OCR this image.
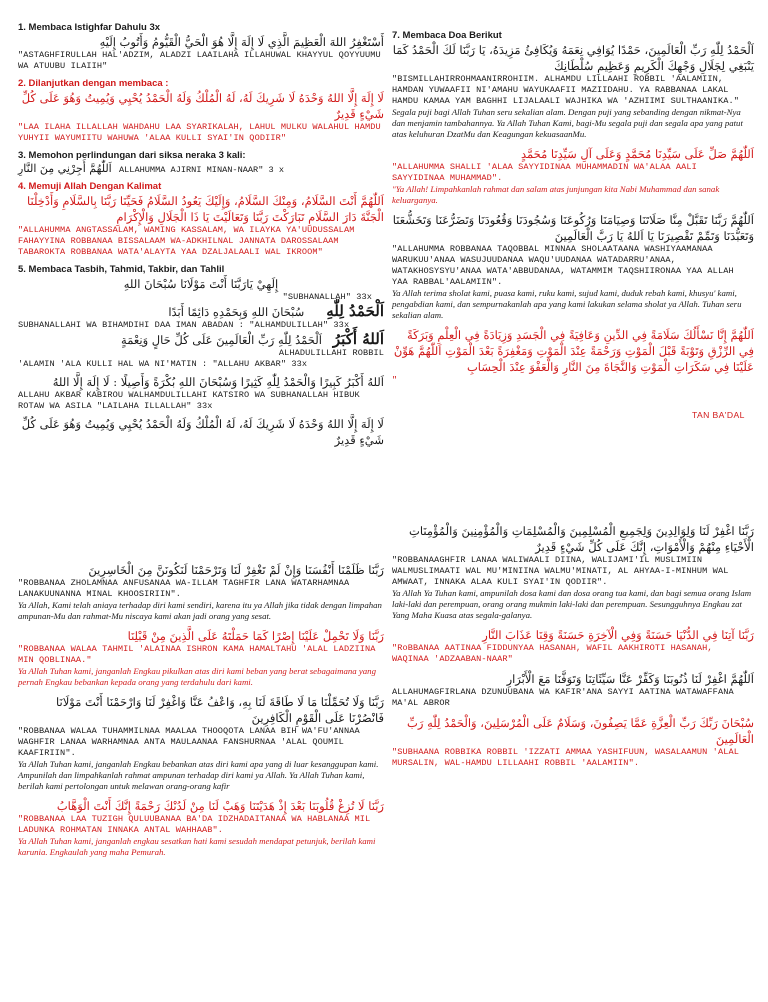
1. Membaca Istighfar Dahulu 3x
أَسْتَغْفِرُ اللهَ الْعَظِيمَ الَّذِي لَا إِلَهَ إِلَّا هُوَ الْحَيُّ الْقَيُّومُ وَأَتُوبُ إِلَيْهِ
"ASTAGHFIRULLAH HAL'ADZIM, ALADZI LAAILAHA ILLAHUWAL KHAYYUL QOYYUUMU WA ATUUBU ILAIIH"
2. Dilanjutkan dengan membaca :
لَا إِلَهَ إِلَّا اللهُ وَحْدَهُ لَا شَرِيكَ لَهُ، لَهُ الْمُلْكُ وَلَهُ الْحَمْدُ يُحْيِي وَيُمِيتُ وَهُوَ عَلَى كُلِّ شَيْءٍ قَدِيرٌ
"LAA ILAHA ILLALLAH WAHDAHU LAA SYARIKALAH, LAHUL MULKU WALAHUL HAMDU YUHYII WAYUMIITU WAHUWA 'ALAA KULLI SYAI'IN QODIIR"
3. Memohon perlindungan dari siksa neraka 3 kali:
اَللّٰهُمَّ أَجِرْنِي مِنَ النَّارِ ALLAHUMMA AJIRNI MINAN-NAAR" 3 x
4. Memuji Allah Dengan Kalimat
اَللّٰهُمَّ أَنْتَ السَّلَامُ، وَمِنْكَ السَّلَامُ، وَإِلَيْكَ يَعُودُ السَّلَامُ فَحَيِّنَا رَبَّنَا بِالسَّلَامِ وَأَدْخِلْنَا الْجَنَّةَ دَارَ السَّلَامِ تَبَارَكْتَ رَبَّنَا وَتَعَالَيْتَ يَا ذَا الْجَلَالِ وَالْإِكْرَامِ
"ALLAHUMMA ANGTASSALAM, WAMING KASSALAM, WA ILAYKA YA'UUDUSSALAM FAHAYYINA ROBBANAA BISSALAAM WA-ADKHILNAL JANNATA DAROSSALAAM TABAROKTA ROBBANAA WATA'ALAYTA YAA DZALJALAALI WAL IKROOM"
5. Membaca Tasbih, Tahmid, Takbir, dan Tahlil
إِلَهِيْ يَارَبَّنَا أَنْتَ مَوْلَانَا سُبْحَانَ اللهِ
"SUBHANALLAH" 33x
اَلْحَمْدُ لِلّٰهِ      سُبْحَانَ اللهِ وَبِحَمْدِهِ دَائِمًا أَبَدًا
SUBHANALLAHI WA BIHAMDIHI DAA IMAN ABADAN : "ALHAMDULILLAH" 33x
اَللهُ أَكْبَرُ   اَلْحَمْدُ لِلّٰهِ رَبِّ الْعَالَمِينَ عَلَى كُلِّ حَالٍ وَنِعْمَةٍ
ALHADULILLAHI ROBBIL
'ALAMIN 'ALA KULLI HAL WA NI'MATIN : "ALLAHU AKBAR" 33x
اَللهُ أَكْبَرُ كَبِيرًا وَالْحَمْدُ لِلّٰهِ كَثِيرًا وَسُبْحَانَ اللهِ بُكْرَةً وَأَصِيلًا : لَا إِلَهَ إِلَّا اللهُ
ALLAHU AKBAR KABIROU WALHAMDULILLAHI KATSIRO WA SUBHANALLAH HIBUK ROTAW WA ASILA "LAILAHA ILLALLAH" 33x
لَا إِلَهَ إِلَّا اللهُ وَحْدَهُ لَا شَرِيكَ لَهُ، لَهُ الْمُلْكُ وَلَهُ الْحَمْدُ يُحْيِي وَيُمِيتُ وَهُوَ عَلَى كُلِّ شَيْءٍ قَدِيرٌ
7. Membaca Doa Berikut
اَلْحَمْدُ لِلّٰهِ رَبِّ الْعَالَمِينَ، حَمْدًا يُوَافِي نِعَمَهُ وَيُكَافِئُ مَزِيدَهُ، يَا رَبَّنَا لَكَ الْحَمْدُ كَمَا يَنْبَغِي لِجَلَالِ وَجْهِكَ الْكَرِيمِ وَعَظِيمِ سُلْطَانِكَ
"BISMILLAHIRROHMAANIRROHIIM. ALHAMDU LILLAAHI ROBBIL 'AALAMIIN, HAMDAN YUWAAFII NI'AMAHU WAYUKAAFII MAZIIDAHU. YA RABBANAA LAKAL HAMDU KAMAA YAM BAGHHI LIJALAALI WAJHIKA WA 'AZHIIMI SULTHAANIKA."
Segala puji bagi Allah Tuhan seru sekalian alam. Dengan puji yang sebanding dengan nikmat-Nya dan menjamin tambahannya. Ya Allah Tuhan Kami, bagi-Mu segala puji dan segala apa yang patut atas keluhuran DzatMu dan Keagungan kekuasaanMu.
اَللّٰهُمَّ صَلِّ عَلَى سَيِّدِنَا مُحَمَّدٍ وَعَلَى آلِ سَيِّدِنَا مُحَمَّدٍ
"ALLAHUMMA SHALLI 'ALAA SAYYIDINAA MUHAMMADIN WA'ALAA AALI SAYYIDINAA MUHAMMAD".
"Ya Allah! Limpahkanlah rahmat dan salam atas junjungan kita Nabi Muhammad dan sanak keluarganya.
اَللّٰهُمَّ رَبَّنَا تَقَبَّلْ مِنَّا صَلَاتَنَا وَصِيَامَنَا وَرُكُوعَنَا وَسُجُودَنَا وَقُعُودَنَا وَتَضَرُّعَنَا وَتَخَشُّعَنَا وَتَعَبُّدَنَا وَتَمِّمْ تَقْصِيرَنَا يَا اَللهُ يَا رَبَّ الْعَالَمِينَ
"ALLAHUMMA ROBBANAA TAQOBBAL MINNAA SHOLAATAANA WASHIYAAMANAA WARUKUU'ANAA WASUJUUDANAA WAQU'UUDANAA WATADARRU'ANAA, WATAKHOSYSYU'ANAA WATA'ABBUDANAA, WATAMMIM TAQSHIIRONAA YAA ALLAH YAA RABBAL'AALAMIIN".
Ya Allah terima sholat kami, puasa kami, ruku kami, sujud kami, duduk rebah kami, khusyu' kami, pengabdian kami, dan sempurnakanlah apa yang kami lakukan selama sholat ya Allah. Tuhan seru sekalian alam.
اَللّٰهُمَّ إِنَّا نَسْأَلُكَ سَلَامَةً فِي الدِّينِ وَعَافِيَةً فِي الْجَسَدِ وَزِيَادَةً فِي الْعِلْمِ وَبَرَكَةً فِي الرِّزْقِ وَتَوْبَةً قَبْلَ الْمَوْتِ وَرَحْمَةً عِنْدَ الْمَوْتِ وَمَغْفِرَةً بَعْدَ الْمَوْتِ اَللّٰهُمَّ هَوِّنْ عَلَيْنَا فِي سَكَرَاتِ الْمَوْتِ وَالنَّجَاةَ مِنَ النَّارِ وَالْعَفْوَ عِنْدَ الْحِسَابِ
"
TAN BA'DAL
رَبَّنَا ظَلَمْنَا أَنْفُسَنَا وَإِنْ لَمْ تَغْفِرْ لَنَا وَتَرْحَمْنَا لَنَكُونَنَّ مِنَ الْخَاسِرِينَ
"ROBBANAA ZHOLAMNAA ANFUSANAA WA-ILLAM TAGHFIR LANA WATARHAMNAA LANAKUUNANNA MINAL KHOOSIRIIN".
Ya Allah, Kami telah aniaya terhadap diri kami sendiri, karena itu ya Allah jika tidak dengan limpahan ampunan-Mu dan rahmat-Mu niscaya kami akan jadi orang yang sesat.
رَبَّنَا وَلَا تَحْمِلْ عَلَيْنَا إِصْرًا كَمَا حَمَلْتَهُ عَلَى الَّذِينَ مِنْ قَبْلِنَا
"ROBBANAA WALAA TAHMIL 'ALAINAA ISHRON KAMA HAMALTAHU 'ALAL LADZIINA MIN QOBLINAA."
Ya Allah Tuhan kami, janganlah Engkau pikulkan atas diri kami beban yang berat sebagaimana yang pernah Engkau bebankan kepada orang yang terdahulu dari kami.
رَبَّنَا وَلَا تُحَمِّلْنَا مَا لَا طَاقَةَ لَنَا بِهِ، وَاعْفُ عَنَّا وَاغْفِرْ لَنَا وَارْحَمْنَا أَنْتَ مَوْلَانَا فَانْصُرْنَا عَلَى الْقَوْمِ الْكَافِرِينَ
"ROBBANAA WALAA TUHAMMILNAA MAALAA THOOQOTA LANAA BIH WA'FU'ANNAA WAGHFIR LANAA WARHAMNAA ANTA MAULAANAA FANSHURNAA 'ALAL QOUMIL KAAFIRIIN".
Ya Allah Tuhan kami, janganlah Engkau bebankan atas diri kami apa yang di luar kesanggupan kami. Ampunilah dan limpahkanlah rahmat ampunan terhadap diri kami ya Allah. Ya Allah Tuhan kami, berilah kami pertolongan untuk melawan orang-orang kafir
رَبَّنَا لَا تُزِغْ قُلُوبَنَا بَعْدَ إِذْ هَدَيْتَنَا وَهَبْ لَنَا مِنْ لَدُنْكَ رَحْمَةً إِنَّكَ أَنْتَ الْوَهَّابُ
"ROBBANAA LAA TUZIGH QULUUBANAA BA'DA IDZHADAITANAA WA HABLANAA MIL LADUNKA ROHMATAN INNAKA ANTAL WAHHAAB".
Ya Allah Tuhan kami, janganlah engkau sesatkan hati kami sesudah mendapat petunjuk, berilah kami karunia. Engkaulah yang maha Pemurah.
رَبَّنَا اغْفِرْ لَنَا وَلِوَالِدِينَ وَلِجَمِيعِ الْمُسْلِمِينَ وَالْمُسْلِمَاتِ وَالْمُؤْمِنِينَ وَالْمُؤْمِنَاتِ الْأَحْيَاءِ مِنْهُمْ وَالْأَمْوَاتِ، إِنَّكَ عَلَى كُلِّ شَيْءٍ قَدِيرٌ
"ROBBANAAGHFIR LANAA WALIWAALI DIINA, WALIJAMI'IL MUSLIMIIN WALMUSLIMAATI WAL MU'MINIINA WALMU'MINATI, AL AHYAA-I-MINHUM WAL AMWAAT, INNAKA ALAA KULI SYAI'IN QODIIR".
Ya Allah Ya Tuhan kami, ampunilah dosa kami dan dosa orang tua kami, dan bagi semua orang Islam laki-laki dan perempuan, orang orang mukmin laki-laki dan perempuan. Sesungguhnya Engkau zat Yang Maha Kuasa atas segala-galanya.
رَبَّنَا آتِنَا فِي الدُّنْيَا حَسَنَةً وَفِي الْآخِرَةِ حَسَنَةً وَقِنَا عَذَابَ النَّارِ
"RoBBANAA AATINAA FIDDUNYAA HASANAH, WAFIL AAKHIROTI HASANAH, WAQINAA 'ADZAABAN-NAAR"
اَللّٰهُمَّ اغْفِرْ لَنَا ذُنُوبَنَا وَكَفِّرْ عَنَّا سَيِّئَاتِنَا وَتَوَفَّنَا مَعَ الْأَبْرَارِ
ALLAHUMAGFIRLANA DZUNUUBANA WA KAFIR'ANA SAYYI AATINA WATAWAFFANA MA'AL ABROR
سُبْحَانَ رَبِّكَ رَبِّ الْعِزَّةِ عَمَّا يَصِفُونَ، وَسَلَامٌ عَلَى الْمُرْسَلِينَ، وَالْحَمْدُ لِلّٰهِ رَبِّ الْعَالَمِينَ
"SUBHAANA ROBBIKA ROBBIL 'IZZATI AMMAA YASHIFUUN, WASALAAMUN 'ALAL MURSALIN, WAL-HAMDU LILLAAHI ROBBIL 'AALAMIIN".
